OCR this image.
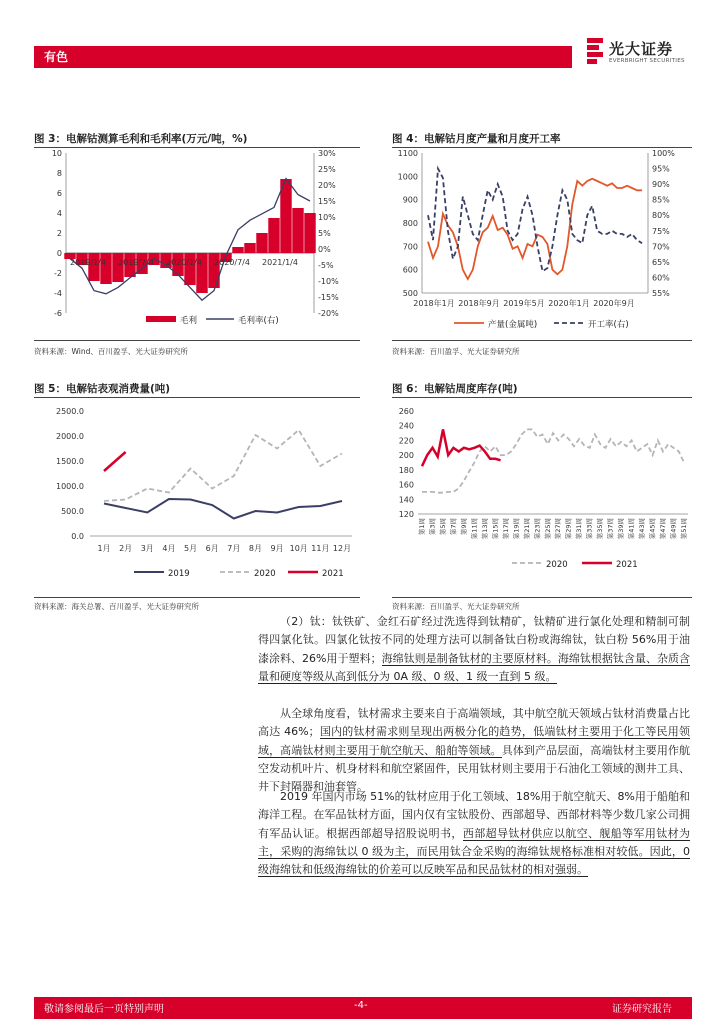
有色	光大证券
EVERBRIGHT SECURITIES
图 3：电解钴测算毛利和毛利率(万元/吨，%)
10
8
6
4
2
0
-2
-4
-6
30%
25%
20%
15%
10%
5%
0%
-5%
-10%
-15%
-20%
2019/1/4 2019/7/4 2020/1/4 2020/7/4 2021/1/4
毛利	毛利率(右)
资料来源：Wind、百川盈孚、光大证券研究所
图 4：电解钴月度产量和月度开工率
1100
1000
900
800
700
600
500
100%
95%
90%
85%
80%
75%
70%
65%
60%
55%
2018年1月 2018年9月 2019年5月 2020年1月 2020年9月
产量(金属吨)	开工率(右)
资料来源：百川盈孚、光大证券研究所
图 5：电解钴表观消费量(吨)
2500.0
2000.0
1500.0
1000.0
500.0
0.0
1月 2月 3月 4月 5月 6月 7月 8月 9月 10月 11月 12月
2019	2020	2021
资料来源：海关总署、百川盈孚、光大证券研究所
图 6：电解钴周度库存(吨)
260
240
220
200
180
160
140
120
第1周 第3周 第5周 第7周 第9周 第11周 第13周 第15周 第17周 第19周 第21周 第23周 第25周 第27周 第29周 第31周 第33周 第35周 第37周 第39周 第41周 第43周 第45周 第47周 第49周 第51周
2020	2021
资料来源：百川盈孚、光大证券研究所

（2）钛：钛铁矿、金红石矿经过洗选得到钛精矿，钛精矿进行氯化处理和精制可制得四氯化钛。四氯化钛按不同的处理方法可以制备钛白粉或海绵钛，钛白粉 56%用于油漆涂料、26%用于塑料；海绵钛则是制备钛材的主要原材料。海绵钛根据钛含量、杂质含量和硬度等级从高到低分为 0A 级、0 级、1 级一直到 5 级。

从全球角度看，钛材需求主要来自于高端领域，其中航空航天领域占钛材消费量占比高达 46%；国内的钛材需求则呈现出两极分化的趋势，低端钛材主要用于化工等民用领域，高端钛材则主要用于航空航天、船舶等领域。具体到产品层面，高端钛材主要用作航空发动机叶片、机身材料和航空紧固件，民用钛材则主要用于石油化工领域的测井工具、井下封隔器和油套管。

2019 年国内市场 51%的钛材应用于化工领域、18%用于航空航天、8%用于船舶和海洋工程。在军品钛材方面，国内仅有宝钛股份、西部超导、西部材料等少数几家公司拥有军品认证。根据西部超导招股说明书，西部超导钛材供应以航空、舰船等军用钛材为主，采购的海绵钛以 0 级为主，而民用钛合金采购的海绵钛规格标准相对较低。因此，0 级海绵钛和低级海绵钛的价差可以反映军品和民品钛材的相对强弱。

敬请参阅最后一页特别声明	-4-	证券研究报告
